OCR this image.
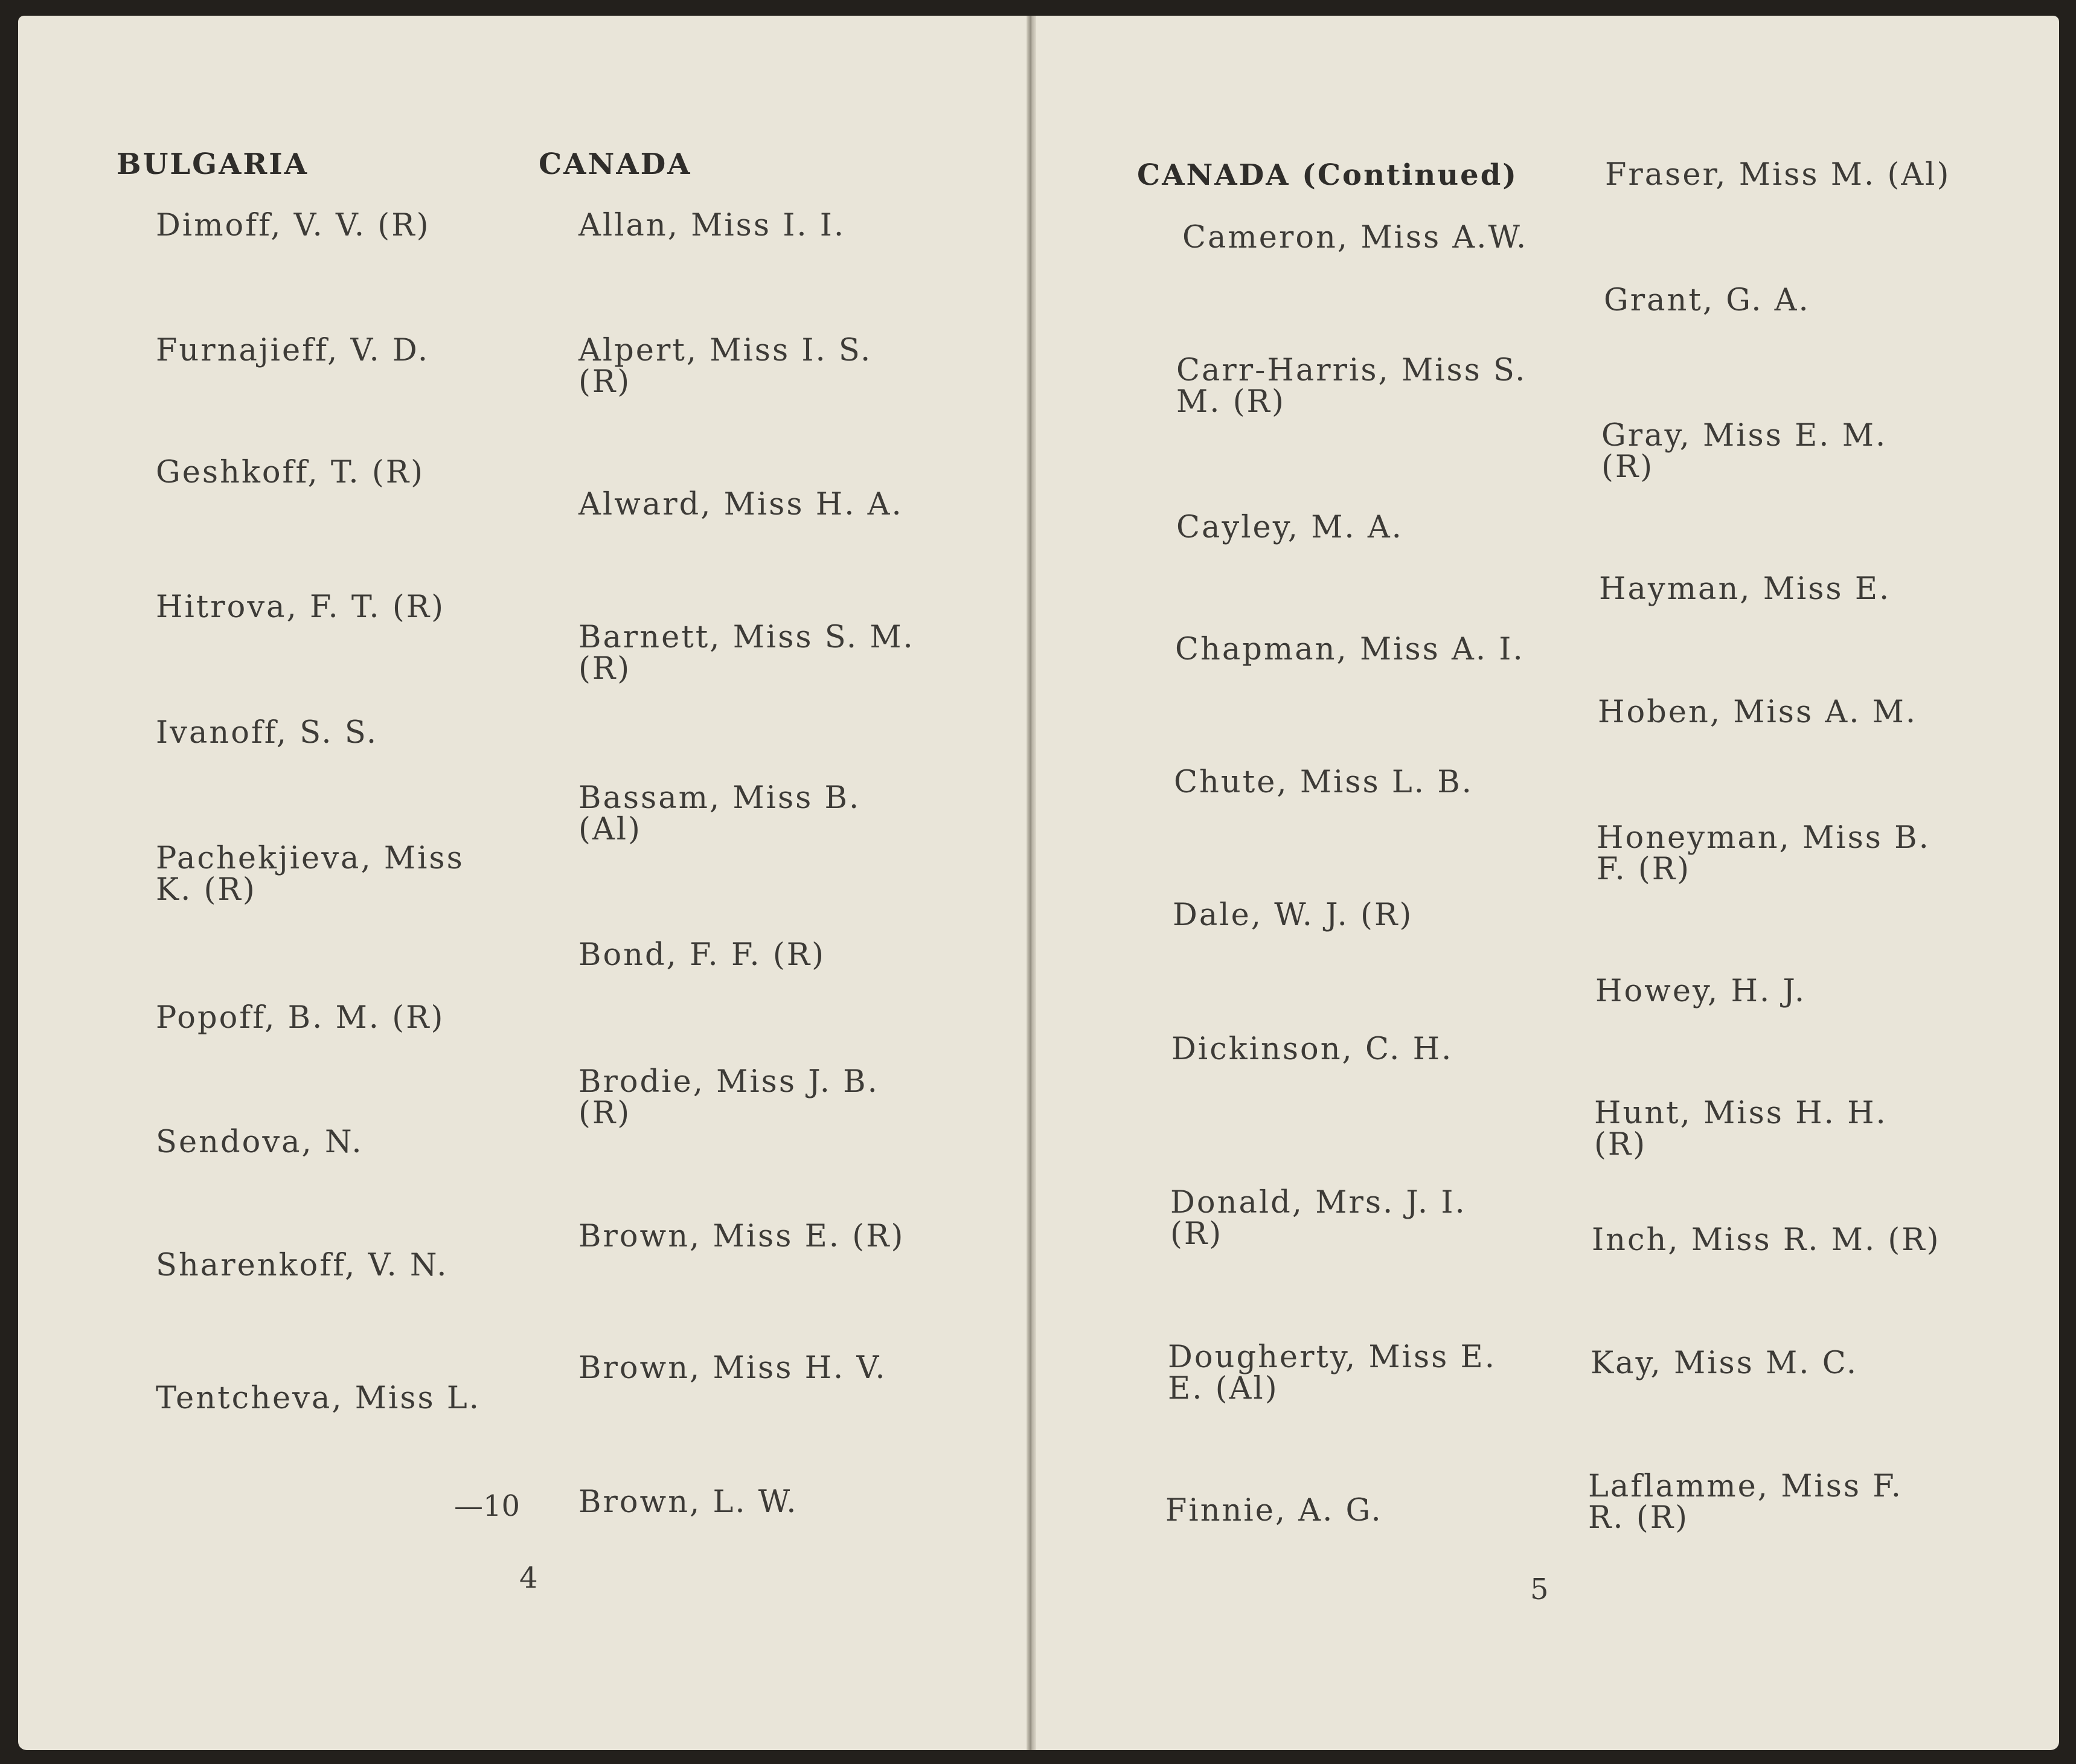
BULGARIA
Dimoff, V. V. (R)
Furnajieff, V. D.
Geshkoff, T. (R)
Hitrova, F. T. (R)
Ivanoff, S. S.
Pachekjieva, Miss
K. (R)
Popoff, B. M. (R)
Sendova, N.
Sharenkoff, V. N.
Tentcheva, Miss L.
—10
CANADA
Allan, Miss I. I.
Alpert, Miss I. S.
(R)
Alward, Miss H. A.
Barnett, Miss S. M.
(R)
Bassam, Miss B.
(Al)
Bond, F. F. (R)
Brodie, Miss J. B.
(R)
Brown, Miss E. (R)
Brown, Miss H. V.
Brown, L. W.
4
CANADA (Continued)
Cameron, Miss A.W.
Carr-Harris, Miss S.
M. (R)
Cayley, M. A.
Chapman, Miss A. I.
Chute, Miss L. B.
Dale, W. J. (R)
Dickinson, C. H.
Donald, Mrs. J. I.
(R)
Dougherty, Miss E.
E. (Al)
Finnie, A. G.
Fraser, Miss M. (Al)
Grant, G. A.
Gray, Miss E. M.
(R)
Hayman, Miss E.
Hoben, Miss A. M.
Honeyman, Miss B.
F. (R)
Howey, H. J.
Hunt, Miss H. H.
(R)
Inch, Miss R. M. (R)
Kay, Miss M. C.
Laflamme, Miss F.
R. (R)
5
